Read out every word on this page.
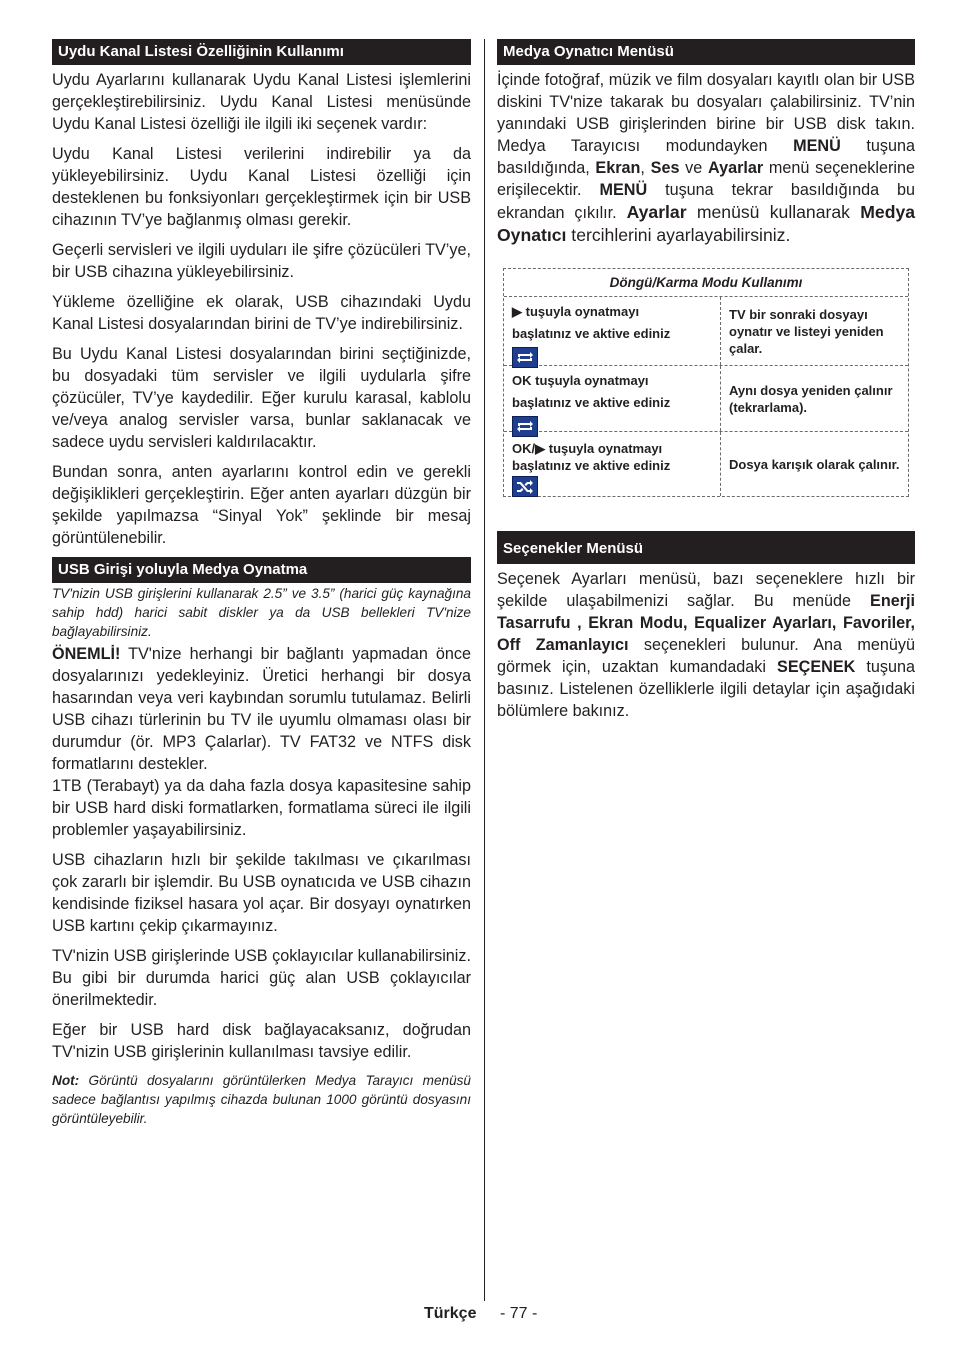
Uydu Kanal Listesi Özelliğinin Kullanımı

Uydu Ayarlarını kullanarak Uydu Kanal Listesi işlemlerini gerçekleştirebilirsiniz. Uydu Kanal Listesi menüsünde Uydu Kanal Listesi özelliği ile ilgili iki seçenek vardır:

Uydu Kanal Listesi verilerini indirebilir ya da yükleyebilirsiniz. Uydu Kanal Listesi özelliği için desteklenen bu fonksiyonları gerçekleştirmek için bir USB cihazının TV’ye bağlanmış olması gerekir.

Geçerli servisleri ve ilgili uyduları ile şifre çözücüleri TV’ye, bir USB cihazına yükleyebilirsiniz.

Yükleme özelliğine ek olarak, USB cihazındaki Uydu Kanal Listesi dosyalarından birini de TV’ye indirebilirsiniz.

Bu Uydu Kanal Listesi dosyalarından birini seçtiğinizde, bu dosyadaki tüm servisler ve ilgili uydularla şifre çözücüler, TV’ye kaydedilir. Eğer kurulu karasal, kablolu ve/veya analog servisler varsa, bunlar saklanacak ve sadece uydu servisleri kaldırılacaktır.

Bundan sonra, anten ayarlarını kontrol edin ve gerekli değişiklikleri gerçekleştirin. Eğer anten ayarları düzgün bir şekilde yapılmazsa “Sinyal Yok” şeklinde bir mesaj görüntülenebilir.

USB Girişi yoluyla Medya Oynatma

TV'nizin USB girişlerini kullanarak 2.5” ve 3.5” (harici güç kaynağına sahip hdd) harici sabit diskler ya da USB bellekleri TV'nize bağlayabilirsiniz.

ÖNEMLİ! TV'nize herhangi bir bağlantı yapmadan önce dosyalarınızı yedekleyiniz. Üretici herhangi bir dosya hasarından veya veri kaybından sorumlu tutulamaz. Belirli USB cihazı türlerinin bu TV ile uyumlu olmaması olası bir durumdur (ör. MP3 Çalarlar). TV FAT32 ve NTFS disk formatlarını destekler.

1TB (Terabayt) ya da daha fazla dosya kapasitesine sahip bir USB hard diski formatlarken, formatlama süreci ile ilgili problemler yaşayabilirsiniz.

USB cihazların hızlı bir şekilde takılması ve çıkarılması çok zararlı bir işlemdir. Bu USB oynatıcıda ve USB cihazın kendisinde fiziksel hasara yol açar. Bir dosyayı oynatırken USB kartını çekip çıkarmayınız.

TV'nizin USB girişlerinde USB çoklayıcılar kullanabilirsiniz. Bu gibi bir durumda harici güç alan USB çoklayıcılar önerilmektedir.

Eğer bir USB hard disk bağlayacaksanız, doğrudan TV'nizin USB girişlerinin kullanılması tavsiye edilir.

Not: Görüntü dosyalarını görüntülerken Medya Tarayıcı menüsü sadece bağlantısı yapılmış cihazda bulunan 1000 görüntü dosyasını görüntüleyebilir.

Medya Oynatıcı Menüsü

İçinde fotoğraf, müzik ve film dosyaları kayıtlı olan bir USB diskini TV'nize takarak bu dosyaları çalabilirsiniz. TV’nin yanındaki USB girişlerinden birine bir USB disk takın. Medya Tarayıcısı modundayken MENÜ tuşuna basıldığında, Ekran, Ses ve Ayarlar menü seçeneklerine erişilecektir. MENÜ tuşuna tekrar basıldığında bu ekrandan çıkılır. Ayarlar menüsü kullanarak Medya Oynatıcı tercihlerini ayarlayabilirsiniz.

Döngü/Karma Modu Kullanımı
▶ tuşuyla oynatmayı
başlatınız ve aktive ediniz
TV bir sonraki dosyayı oynatır ve listeyi yeniden çalar.
OK tuşuyla oynatmayı
başlatınız ve aktive ediniz
Aynı dosya yeniden çalınır (tekrarlama).
OK/▶ tuşuyla oynatmayı
başlatınız ve aktive ediniz	Dosya karışık olarak çalınır.
Seçenekler Menüsü

Seçenek Ayarları menüsü, bazı seçeneklere hızlı bir şekilde ulaşabilmenizi sağlar. Bu menüde Enerji Tasarrufu , Ekran Modu, Equalizer Ayarları, Favoriler, Off Zamanlayıcı seçenekleri bulunur. Ana menüyü görmek için, uzaktan kumandadaki SEÇENEK tuşuna basınız. Listelenen özelliklerle ilgili detaylar için aşağıdaki bölümlere bakınız.

Türkçe - 77 -
